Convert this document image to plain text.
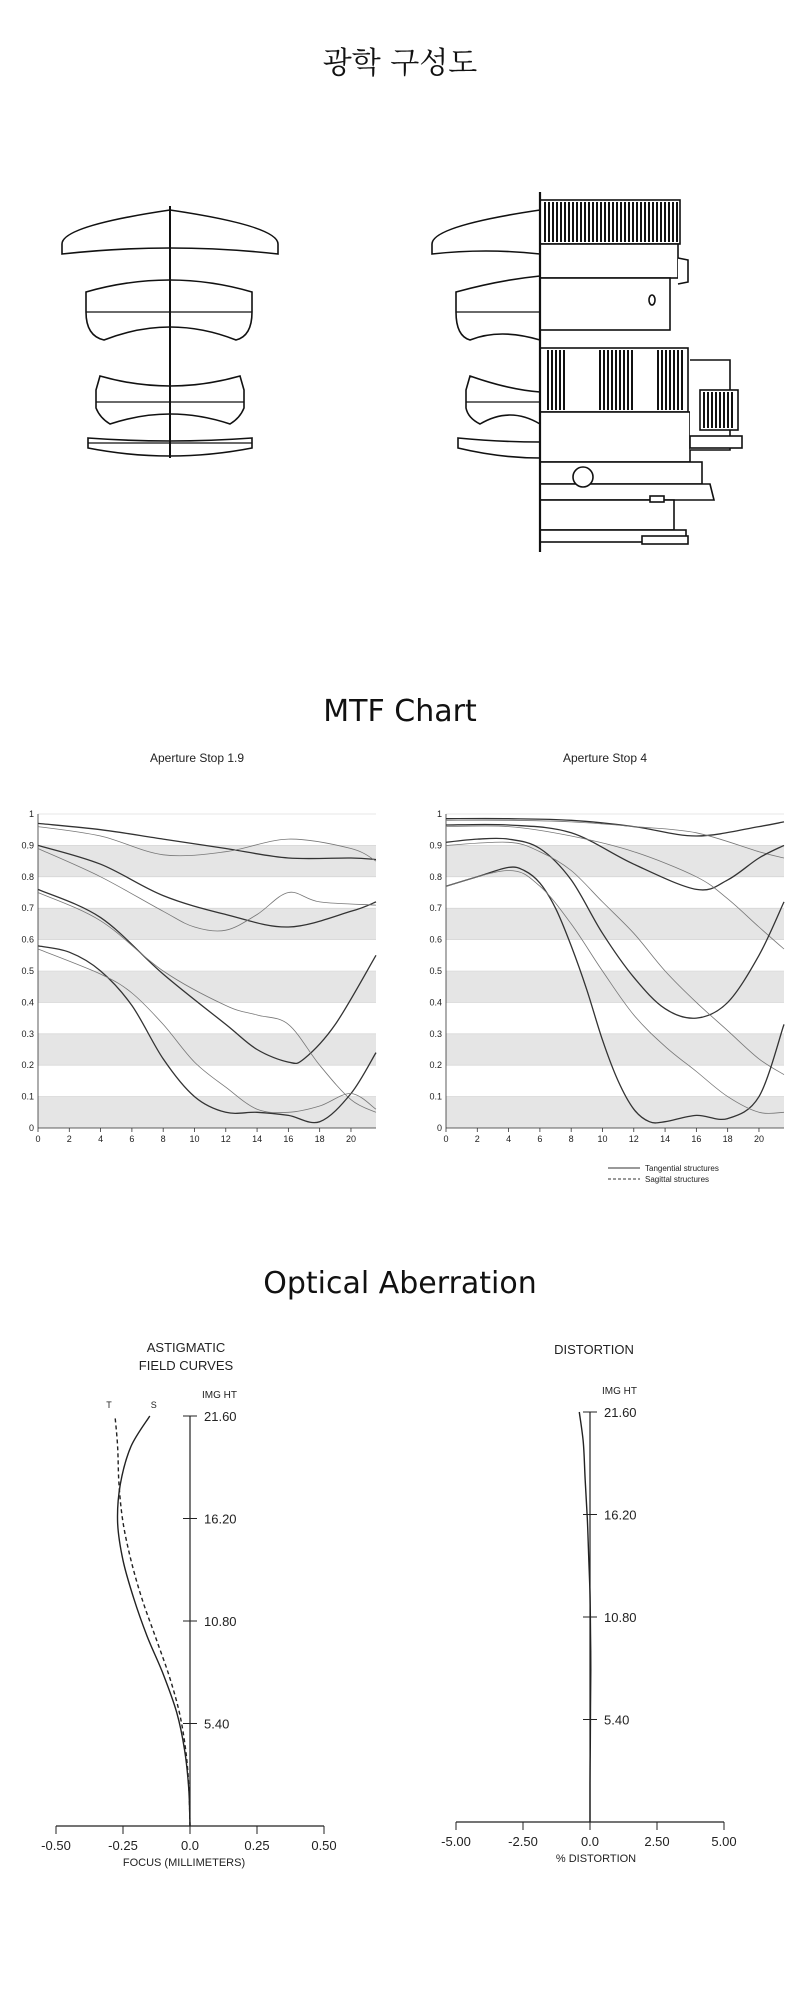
광학 구성도
MTF Chart
Aperture Stop 1.9
0
0.1
0.2
0.3
0.4
0.5
0.6
0.7
0.8
0.9
1
0	2	4	6	8	10 12 14 16 18 20
Aperture Stop 4
0
0.1
0.2
0.3
0.4
0.5
0.6
0.7
0.8
0.9
1
0	2	4	6	8	10 12 14 16 18 20
Tangential structures
Sagittal structures
Optical Aberration
ASTIGMATIC
FIELD CURVES
IMG HT
5.40
10.80
16.20
21.60
-0.50	-0.25	0.0	0.25	0.50
FOCUS (MILLIMETERS)
S
T
DISTORTION
IMG HT
5.40
10.80
16.20
21.60
-5.00	-2.50	0.0	2.50	5.00
% DISTORTION
